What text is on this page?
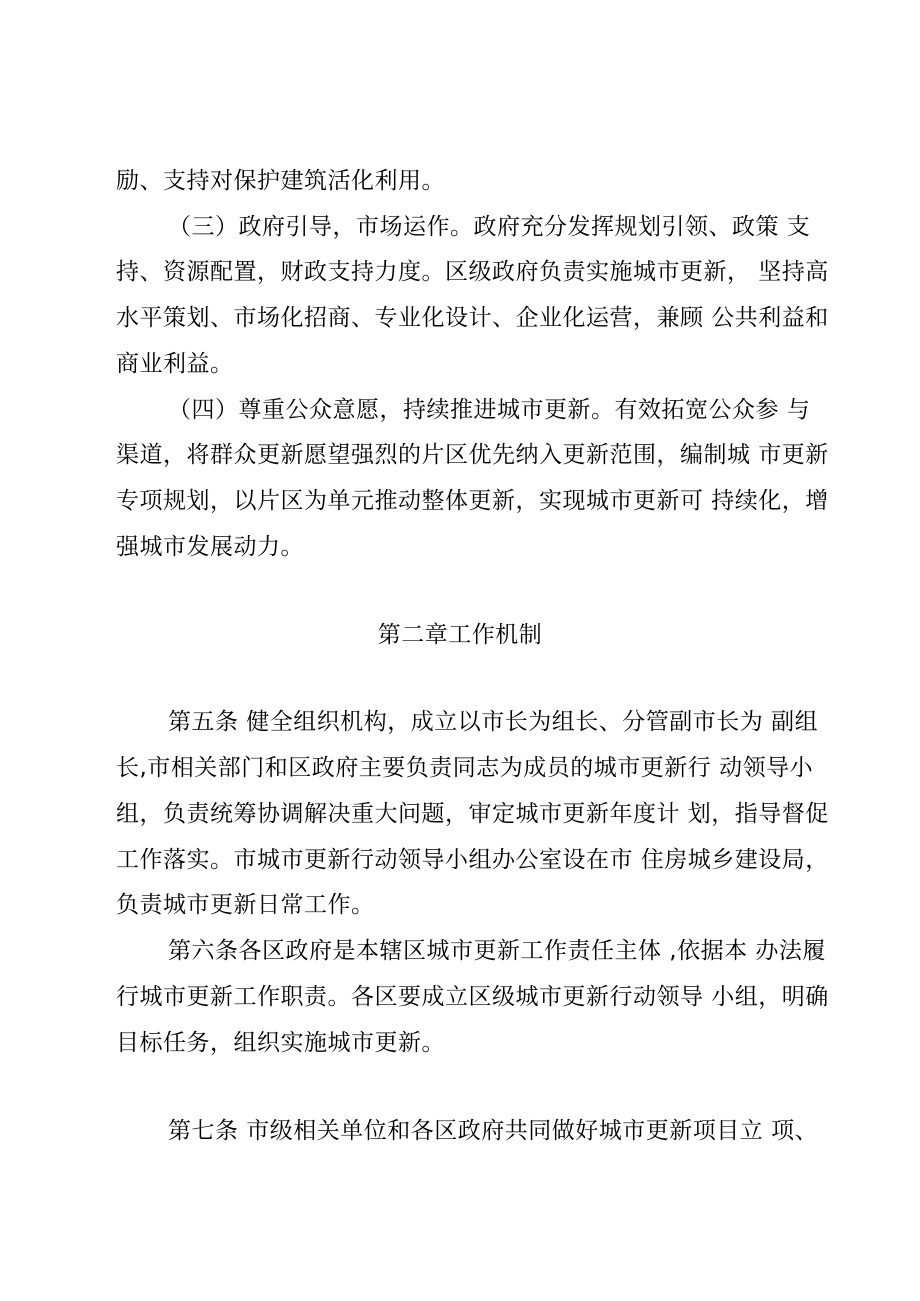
励、支持对保护建筑活化利用。
（三）政府引导，市场运作。政府充分发挥规划引领、政策 支
持、资源配置，财政支持力度。区级政府负责实施城市更新， 坚持高
水平策划、市场化招商、专业化设计、企业化运营，兼顾 公共利益和
商业利益。
（四）尊重公众意愿，持续推进城市更新。有效拓宽公众参 与
渠道，将群众更新愿望强烈的片区优先纳入更新范围，编制城 市更新
专项规划，以片区为单元推动整体更新，实现城市更新可 持续化，增
强城市发展动力。
第二章工作机制
第五条 健全组织机构，成立以市长为组长、分管副市长为 副组
长,市相关部门和区政府主要负责同志为成员的城市更新行 动领导小
组，负责统筹协调解决重大问题，审定城市更新年度计 划，指导督促
工作落实。市城市更新行动领导小组办公室设在市 住房城乡建设局，
负责城市更新日常工作。
第六条各区政府是本辖区城市更新工作责任主体 ,依据本 办法履
行城市更新工作职责。各区要成立区级城市更新行动领导 小组，明确
目标任务，组织实施城市更新。
第七条 市级相关单位和各区政府共同做好城市更新项目立 项、
